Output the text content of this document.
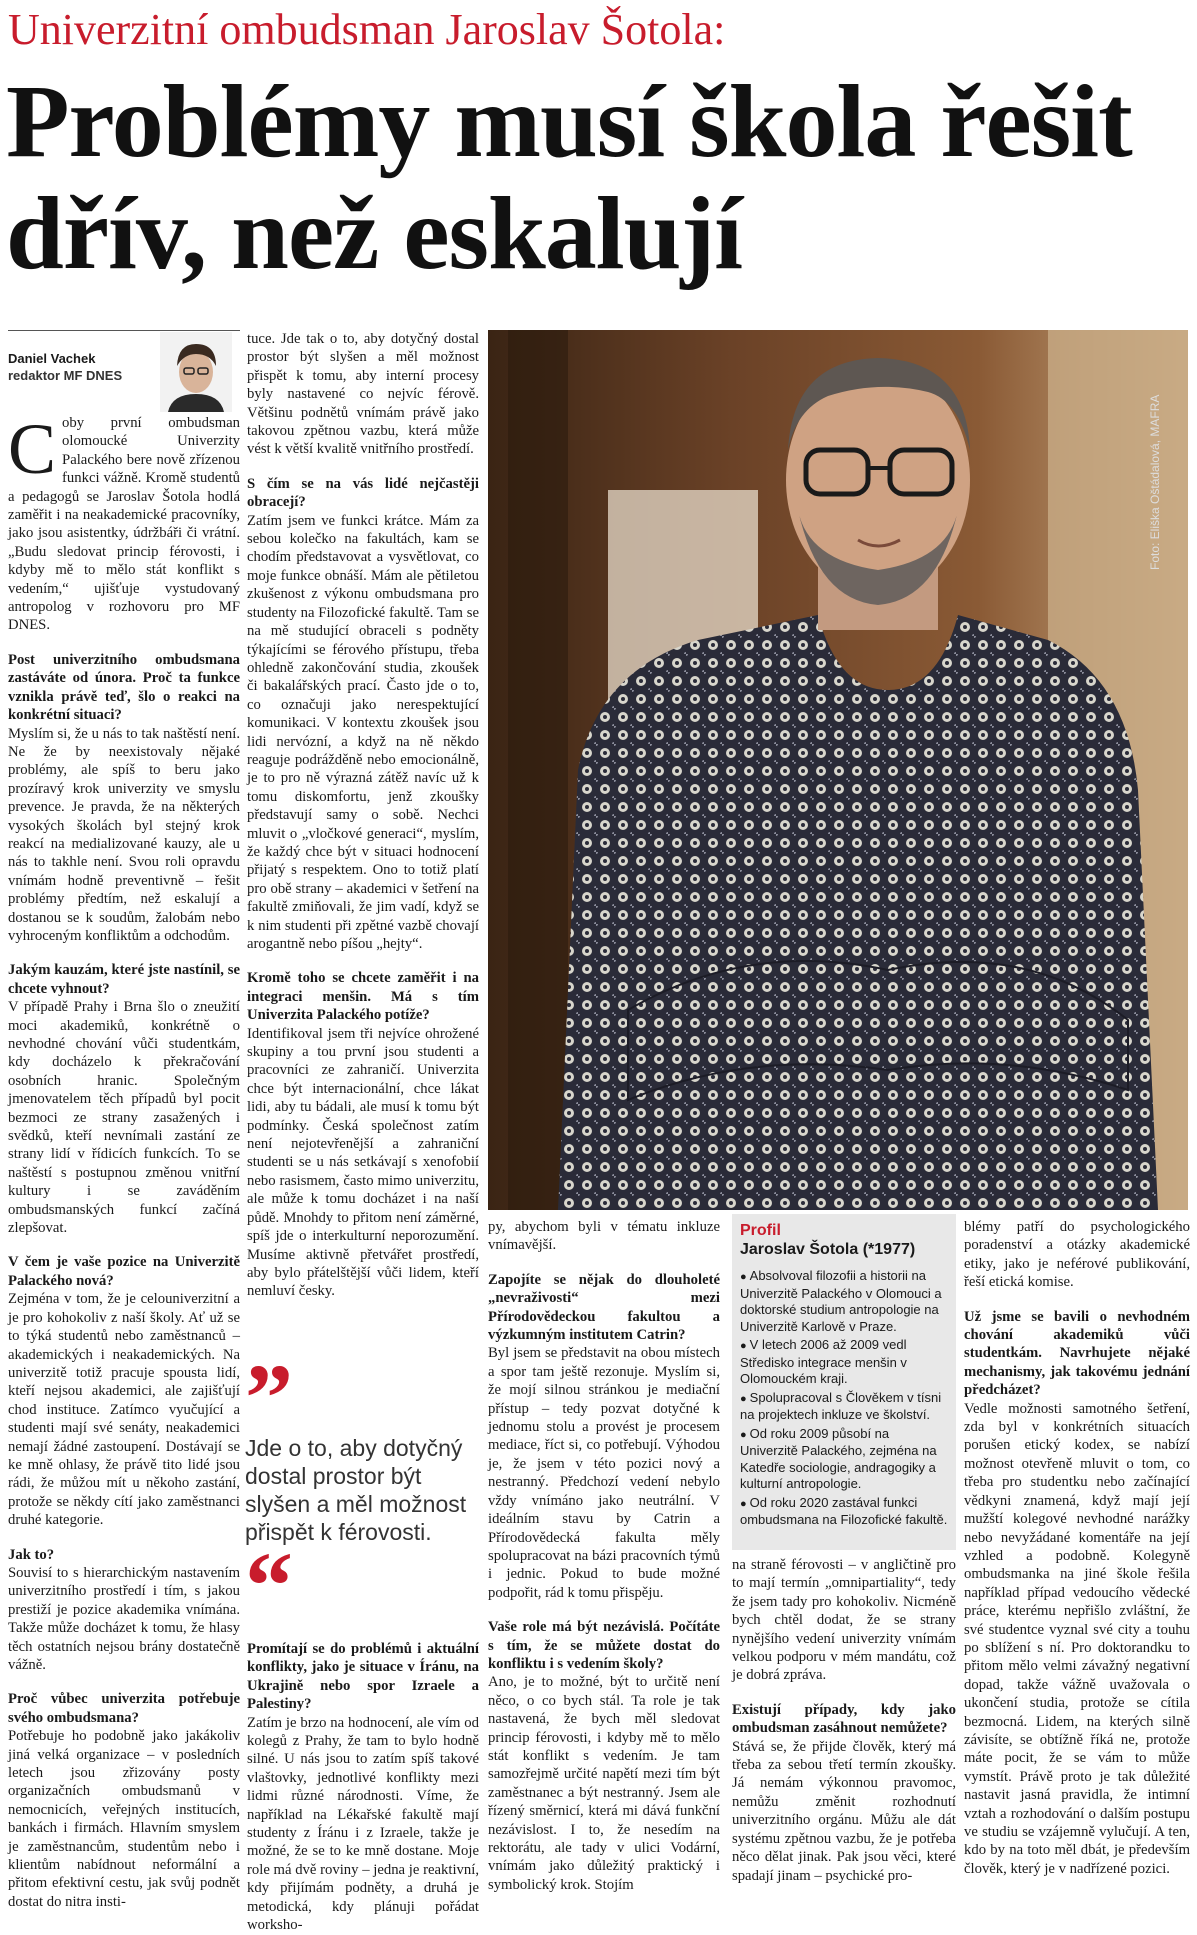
Univerzitní ombudsman Jaroslav Šotola:
Problémy musí škola řešit dřív, než eskalují
Daniel Vachek
redaktor MF DNES

Coby první ombudsman olomoucké Univerzity Palackého bere nově zřízenou funkci vážně. Kromě studentů a pedagogů se Jaroslav Šotola hodlá zaměřit i na neakademické pracovníky, jako jsou asistentky, údržbáři či vrátní. „Budu sledovat princip férovosti, i kdyby mě to mělo stát konflikt s vedením,“ ujišťuje vystudovaný antropolog v rozhovoru pro MF DNES.

Post univerzitního ombudsmana zastáváte od února. Proč ta funkce vznikla právě teď, šlo o reakci na konkrétní situaci?

Myslím si, že u nás to tak naštěstí není. Ne že by neexistovaly nějaké problémy, ale spíš to beru jako prozíravý krok univerzity ve smyslu prevence. Je pravda, že na některých vysokých školách byl stejný krok reakcí na medializované kauzy, ale u nás to takhle není. Svou roli opravdu vnímám hodně preventivně – řešit problémy předtím, než eskalují a dostanou se k soudům, žalobám nebo vyhroceným konfliktům a odchodům.

Jakým kauzám, které jste nastínil, se chcete vyhnout?

V případě Prahy i Brna šlo o zneužití moci akademiků, konkrétně o nevhodné chování vůči studentkám, kdy docházelo k překračování osobních hranic. Společným jmenovatelem těch případů byl pocit bezmoci ze strany zasažených i svědků, kteří nevnímali zastání ze strany lidí v řídicích funkcích. To se naštěstí s postupnou změnou vnitřní kultury i se zaváděním ombudsmanských funkcí začíná zlepšovat.

V čem je vaše pozice na Univerzitě Palackého nová?

Zejména v tom, že je celouniverzitní a je pro kohokoliv z naší školy. Ať už se to týká studentů nebo zaměstnanců – akademických i neakademických. Na univerzitě totiž pracuje spousta lidí, kteří nejsou akademici, ale zajišťují chod instituce. Zatímco vyučující a studenti mají své senáty, neakademici nemají žádné zastoupení. Dostávají se ke mně ohlasy, že právě tito lidé jsou rádi, že můžou mít u někoho zastání, protože se někdy cítí jako zaměstnanci druhé kategorie.

Jak to?

Souvisí to s hierarchickým nastavením univerzitního prostředí i tím, s jakou prestiží je pozice akademika vnímána. Takže může docházet k tomu, že hlasy těch ostatních nejsou brány dostatečně vážně.

Proč vůbec univerzita potřebuje svého ombudsmana?

Potřebuje ho podobně jako jakákoliv jiná velká organizace – v posledních letech jsou zřizovány posty organizačních ombudsmanů v nemocnicích, veřejných institucích, bankách i firmách. Hlavním smyslem je zaměstnancům, studentům nebo i klientům nabídnout neformální a přitom efektivní cestu, jak svůj podnět dostat do nitra insti-

tuce. Jde tak o to, aby dotyčný dostal prostor být slyšen a měl možnost přispět k tomu, aby interní procesy byly nastavené co nejvíc férově. Většinu podnětů vnímám právě jako takovou zpětnou vazbu, která může vést k větší kvalitě vnitřního prostředí.

S čím se na vás lidé nejčastěji obracejí?

Zatím jsem ve funkci krátce. Mám za sebou kolečko na fakultách, kam se chodím představovat a vysvětlovat, co moje funkce obnáší. Mám ale pětiletou zkušenost z výkonu ombudsmana pro studenty na Filozofické fakultě. Tam se na mě studující obraceli s podněty týkajícími se férového přístupu, třeba ohledně zakončování studia, zkoušek či bakalářských prací. Často jde o to, co označuji jako nerespektující komunikaci. V kontextu zkoušek jsou lidi nervózní, a když na ně někdo reaguje podrážděně nebo emocionálně, je to pro ně výrazná zátěž navíc už k tomu diskomfortu, jenž zkoušky představují samy o sobě. Nechci mluvit o „vločkové generaci“, myslím, že každý chce být v situaci hodnocení přijatý s respektem. Ono to totiž platí pro obě strany – akademici v šetření na fakultě zmiňovali, že jim vadí, když se k nim studenti při zpětné vazbě chovají arogantně nebo píšou „hejty“.

Kromě toho se chcete zaměřit i na integraci menšin. Má s tím Univerzita Palackého potíže?

Identifikoval jsem tři nejvíce ohrožené skupiny a tou první jsou studenti a pracovníci ze zahraničí. Univerzita chce být internacionální, chce lákat lidi, aby tu bádali, ale musí k tomu být podmínky. Česká společnost zatím není nejotevřenější a zahraniční studenti se u nás setkávají s xenofobií nebo rasismem, často mimo univerzitu, ale může k tomu docházet i na naší půdě. Mnohdy to přitom není záměrné, spíš jde o interkulturní neporozumění. Musíme aktivně přetvářet prostředí, aby bylo přátelštější vůči lidem, kteří nemluví česky.

”
Jde o to, aby dotyčný dostal prostor být slyšen a měl možnost přispět k férovosti.
“

Promítají se do problémů i aktuální konflikty, jako je situace v Íránu, na Ukrajině nebo spor Izraele a Palestiny?

Zatím je brzo na hodnocení, ale vím od kolegů z Prahy, že tam to bylo hodně silné. U nás jsou to zatím spíš takové vlaštovky, jednotlivé konflikty mezi lidmi různé národnosti. Víme, že například na Lékařské fakultě mají studenty z Íránu i z Izraele, takže je možné, že se to ke mně dostane. Moje role má dvě roviny – jedna je reaktivní, kdy přijímám podněty, a druhá je metodická, kdy plánuji pořádat worksho-

Foto: Eliška Oštádalová, MAFRA

py, abychom byli v tématu inkluze vnímavější.

Zapojíte se nějak do dlouholeté „nevraživosti“ mezi Přírodovědeckou fakultou a výzkumným institutem Catrin?

Byl jsem se představit na obou místech a spor tam ještě rezonuje. Myslím si, že mojí silnou stránkou je mediační přístup – tedy pozvat dotyčné k jednomu stolu a provést je procesem mediace, říct si, co potřebují. Výhodou je, že jsem v této pozici nový a nestranný. Předchozí vedení nebylo vždy vnímáno jako neutrální. V ideálním stavu by Catrin a Přírodovědecká fakulta měly spolupracovat na bázi pracovních týmů i jednic. Pokud to bude možné podpořit, rád k tomu přispěju.

Vaše role má být nezávislá. Počítáte s tím, že se můžete dostat do konfliktu i s vedením školy?

Ano, je to možné, být to určitě není něco, o co bych stál. Ta role je tak nastavená, že bych měl sledovat princip férovosti, i kdyby mě to mělo stát konflikt s vedením. Je tam samozřejmě určité napětí mezi tím být zaměstnanec a být nestranný. Jsem ale řízený směrnicí, která mi dává funkční nezávislost. I to, že nesedím na rektorátu, ale tady v ulici Vodární, vnímám jako důležitý praktický i symbolický krok. Stojím

Profil
Jaroslav Šotola (*1977)
● Absolvoval filozofii a historii na Univerzitě Palackého v Olomouci a doktorské studium antropologie na Univerzitě Karlově v Praze.
● V letech 2006 až 2009 vedl Středisko integrace menšin v Olomouckém kraji.
● Spolupracoval s Člověkem v tísni na projektech inkluze ve školství.
● Od roku 2009 působí na Univerzitě Palackého, zejména na Katedře sociologie, andragogiky a kulturní antropologie.
● Od roku 2020 zastával funkci ombudsmana na Filozofické fakultě.

na straně férovosti – v angličtině pro to mají termín „omnipartiality“, tedy že jsem tady pro kohokoliv. Nicméně bych chtěl dodat, že se strany nynějšího vedení univerzity vnímám velkou podporu v mém mandátu, což je dobrá zpráva.

Existují případy, kdy jako ombudsman zasáhnout nemůžete?

Stává se, že přijde člověk, který má třeba za sebou třetí termín zkoušky. Já nemám výkonnou pravomoc, nemůžu změnit rozhodnutí univerzitního orgánu. Můžu ale dát systému zpětnou vazbu, že je potřeba něco dělat jinak. Pak jsou věci, které spadají jinam – psychické pro-

blémy patří do psychologického poradenství a otázky akademické etiky, jako je neférové publikování, řeší etická komise.

Už jsme se bavili o nevhodném chování akademiků vůči studentkám. Navrhujete nějaké mechanismy, jak takovému jednání předcházet?

Vedle možnosti samotného šetření, zda byl v konkrétních situacích porušen etický kodex, se nabízí možnost otevřeně mluvit o tom, co třeba pro studentku nebo začínající vědkyni znamená, když mají její mužští kolegové nevhodné narážky nebo nevyžádané komentáře na její vzhled a podobně. Kolegyně ombudsmanka na jiné škole řešila například případ vedoucího vědecké práce, kterému nepřišlo zvláštní, že své studentce vyznal své city a touhu po sblížení s ní. Pro doktorandku to přitom mělo velmi závažný negativní dopad, takže vážně uvažovala o ukončení studia, protože se cítila bezmocná. Lidem, na kterých silně závisíte, se obtížně říká ne, protože máte pocit, že se vám to může vymstít. Právě proto je tak důležité nastavit jasná pravidla, že intimní vztah a rozhodování o dalším postupu ve studiu se vzájemně vylučují. A ten, kdo by na toto měl dbát, je především člověk, který je v nadřízené pozici.
